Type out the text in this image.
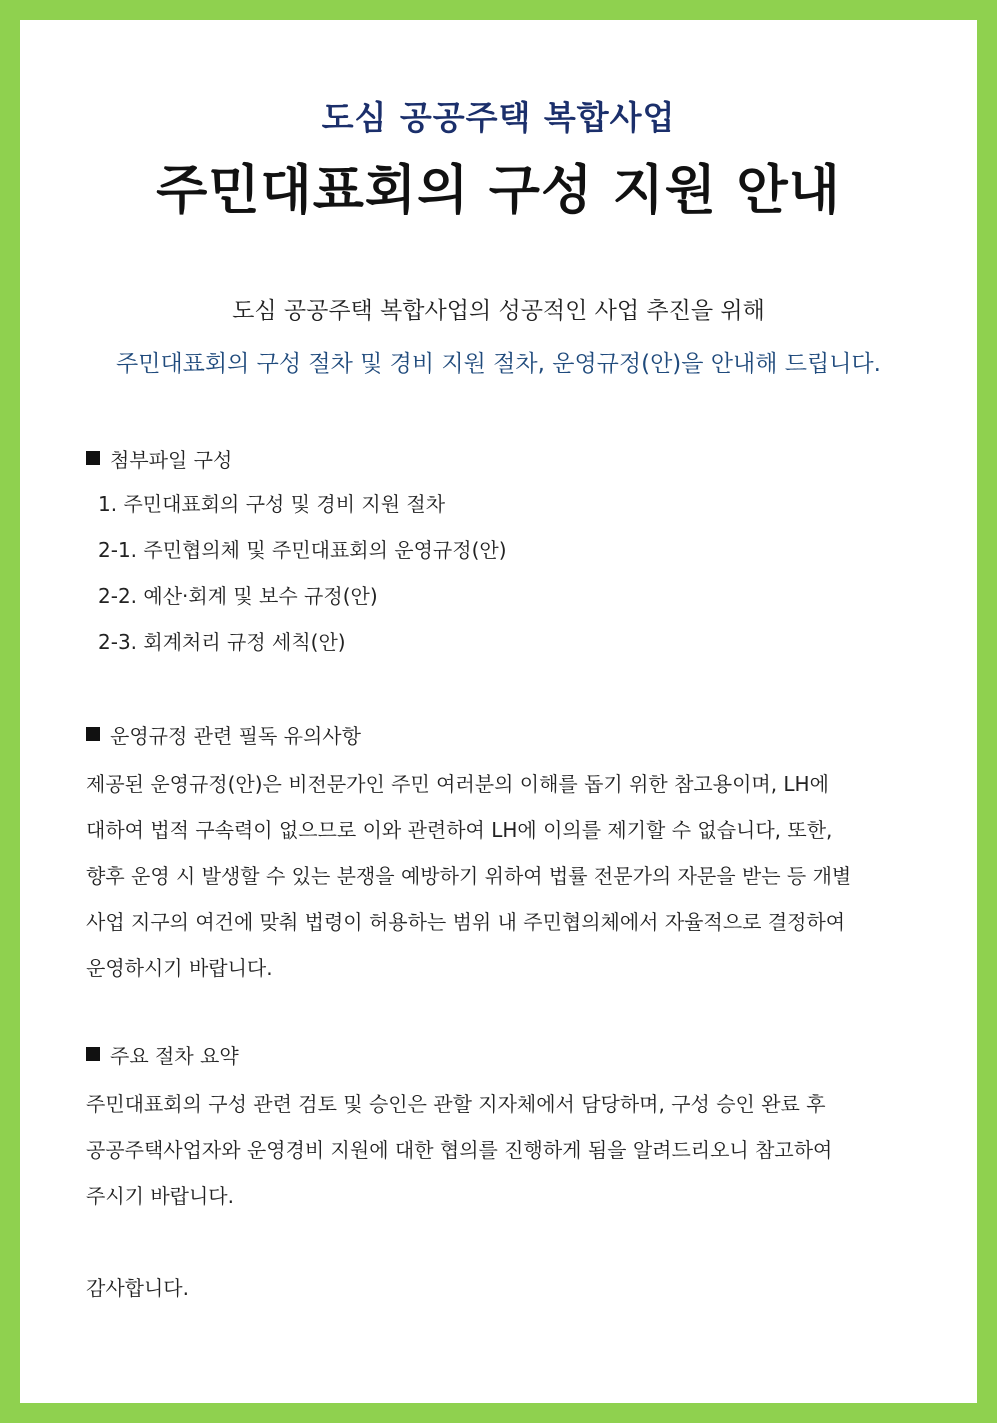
도심 공공주택 복합사업
주민대표회의 구성 지원 안내
도심 공공주택 복합사업의 성공적인 사업 추진을 위해
주민대표회의 구성 절차 및 경비 지원 절차, 운영규정(안)을 안내해 드립니다.
첨부파일 구성
1. 주민대표회의 구성 및 경비 지원 절차
2-1. 주민협의체 및 주민대표회의 운영규정(안)
2-2. 예산·회계 및 보수 규정(안)
2-3. 회계처리 규정 세칙(안)
운영규정 관련 필독 유의사항
제공된 운영규정(안)은 비전문가인 주민 여러분의 이해를 돕기 위한 참고용이며, LH에
대하여 법적 구속력이 없으므로 이와 관련하여 LH에 이의를 제기할 수 없습니다, 또한,
향후 운영 시 발생할 수 있는 분쟁을 예방하기 위하여 법률 전문가의 자문을 받는 등 개별
사업 지구의 여건에 맞춰 법령이 허용하는 범위 내 주민협의체에서 자율적으로 결정하여
운영하시기 바랍니다.
주요 절차 요약
주민대표회의 구성 관련 검토 및 승인은 관할 지자체에서 담당하며, 구성 승인 완료 후
공공주택사업자와 운영경비 지원에 대한 협의를 진행하게 됨을 알려드리오니 참고하여
주시기 바랍니다.
감사합니다.
